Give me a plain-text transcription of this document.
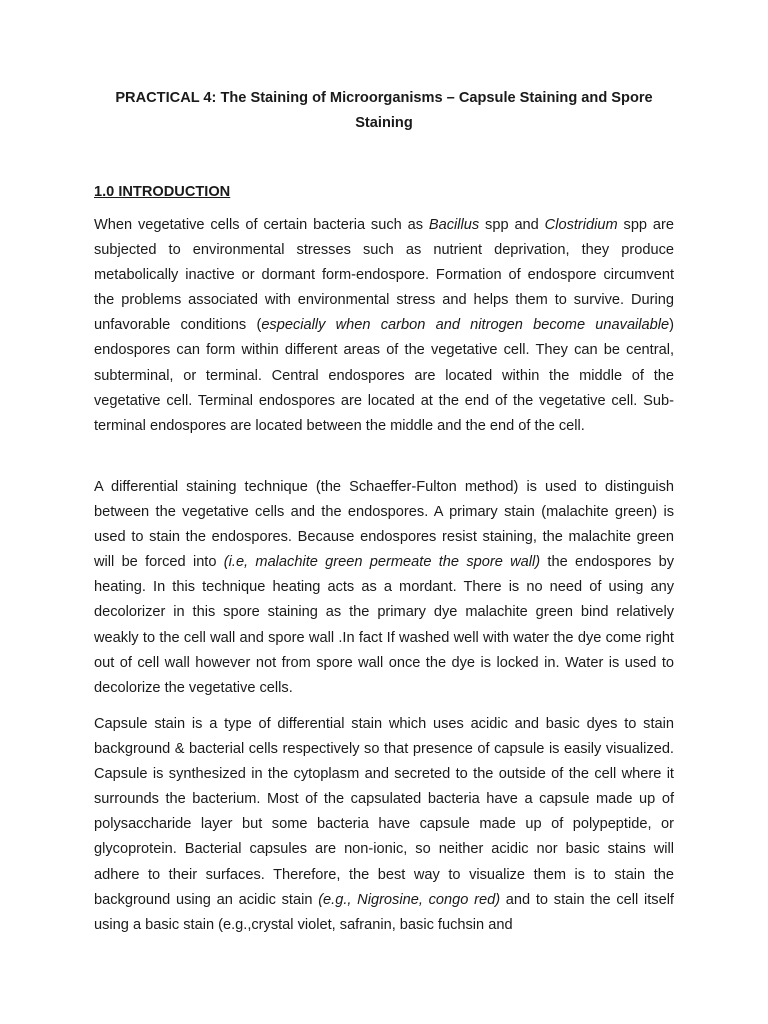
PRACTICAL 4: The Staining of Microorganisms – Capsule Staining and Spore Staining

1.0 INTRODUCTION

When vegetative cells of certain bacteria such as Bacillus spp and Clostridium spp are subjected to environmental stresses such as nutrient deprivation, they produce metabolically inactive or dormant form-endospore. Formation of endospore circumvent the problems associated with environmental stress and helps them to survive. During unfavorable conditions (especially when carbon and nitrogen become unavailable) endospores can form within different areas of the vegetative cell. They can be central, subterminal, or terminal. Central endospores are located within the middle of the vegetative cell. Terminal endospores are located at the end of the vegetative cell. Sub-terminal endospores are located between the middle and the end of the cell.

A differential staining technique (the Schaeffer-Fulton method) is used to distinguish between the vegetative cells and the endospores. A primary stain (malachite green) is used to stain the endospores. Because endospores resist staining, the malachite green will be forced into (i.e, malachite green permeate the spore wall) the endospores by heating. In this technique heating acts as a mordant. There is no need of using any decolorizer in this spore staining as the primary dye malachite green bind relatively weakly to the cell wall and spore wall .In fact If washed well with water the dye come right out of cell wall however not from spore wall once the dye is locked in. Water is used to decolorize the vegetative cells.

Capsule stain is a type of differential stain which uses acidic and basic dyes to stain background & bacterial cells respectively so that presence of capsule is easily visualized. Capsule is synthesized in the cytoplasm and secreted to the outside of the cell where it surrounds the bacterium. Most of the capsulated bacteria have a capsule made up of polysaccharide layer but some bacteria have capsule made up of polypeptide, or glycoprotein. Bacterial capsules are non-ionic, so neither acidic nor basic stains will adhere to their surfaces. Therefore, the best way to visualize them is to stain the background using an acidic stain (e.g., Nigrosine, congo red) and to stain the cell itself using a basic stain (e.g.,crystal violet, safranin, basic fuchsin and
